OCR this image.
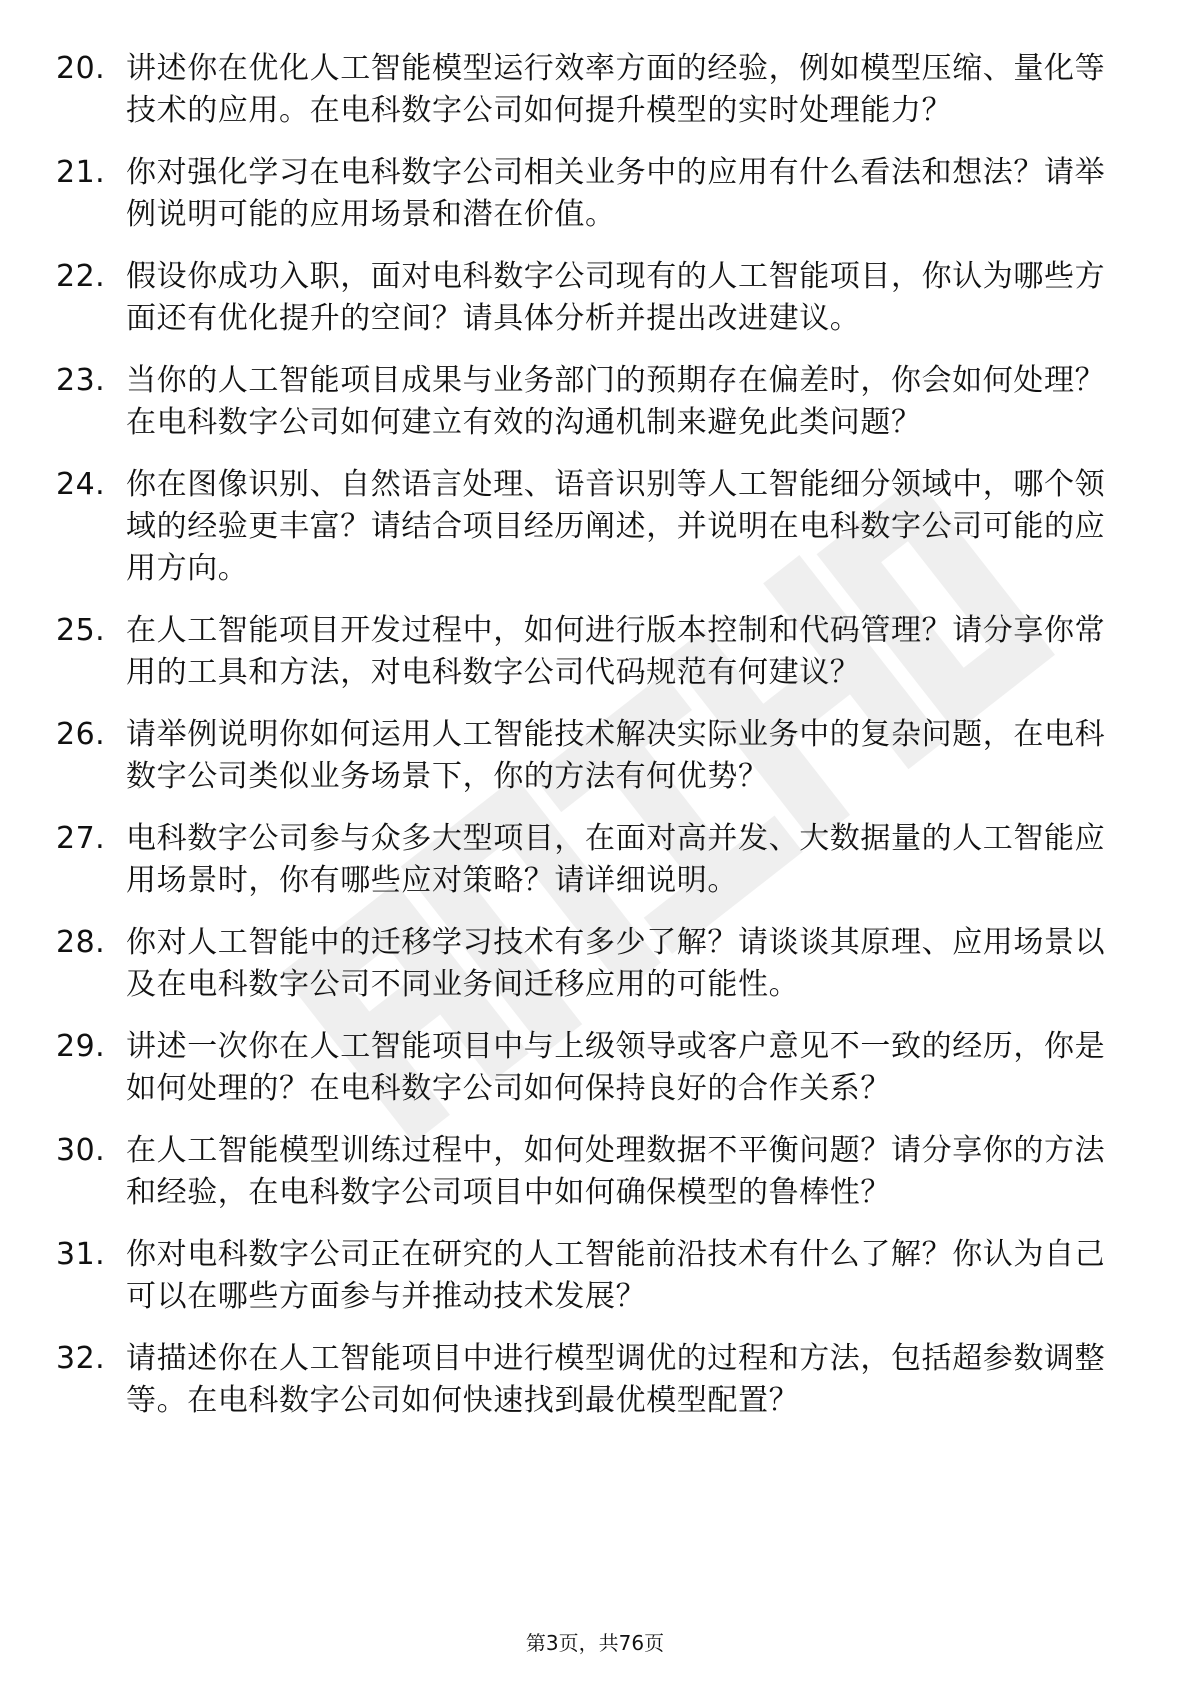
20. 讲述你在优化人工智能模型运行效率方面的经验，例如模型压缩、量化等技术的应用。在电科数字公司如何提升模型的实时处理能力？
21. 你对强化学习在电科数字公司相关业务中的应用有什么看法和想法？请举例说明可能的应用场景和潜在价值。
22. 假设你成功入职，面对电科数字公司现有的人工智能项目，你认为哪些方面还有优化提升的空间？请具体分析并提出改进建议。
23. 当你的人工智能项目成果与业务部门的预期存在偏差时，你会如何处理？在电科数字公司如何建立有效的沟通机制来避免此类问题？
24. 你在图像识别、自然语言处理、语音识别等人工智能细分领域中，哪个领域的经验更丰富？请结合项目经历阐述，并说明在电科数字公司可能的应用方向。
25. 在人工智能项目开发过程中，如何进行版本控制和代码管理？请分享你常用的工具和方法，对电科数字公司代码规范有何建议？
26. 请举例说明你如何运用人工智能技术解决实际业务中的复杂问题，在电科数字公司类似业务场景下，你的方法有何优势？
27. 电科数字公司参与众多大型项目，在面对高并发、大数据量的人工智能应用场景时，你有哪些应对策略？请详细说明。
28. 你对人工智能中的迁移学习技术有多少了解？请谈谈其原理、应用场景以及在电科数字公司不同业务间迁移应用的可能性。
29. 讲述一次你在人工智能项目中与上级领导或客户意见不一致的经历，你是如何处理的？在电科数字公司如何保持良好的合作关系？
30. 在人工智能模型训练过程中，如何处理数据不平衡问题？请分享你的方法和经验，在电科数字公司项目中如何确保模型的鲁棒性？
31. 你对电科数字公司正在研究的人工智能前沿技术有什么了解？你认为自己可以在哪些方面参与并推动技术发展？
32. 请描述你在人工智能项目中进行模型调优的过程和方法，包括超参数调整等。在电科数字公司如何快速找到最优模型配置？
第3页，共76页
